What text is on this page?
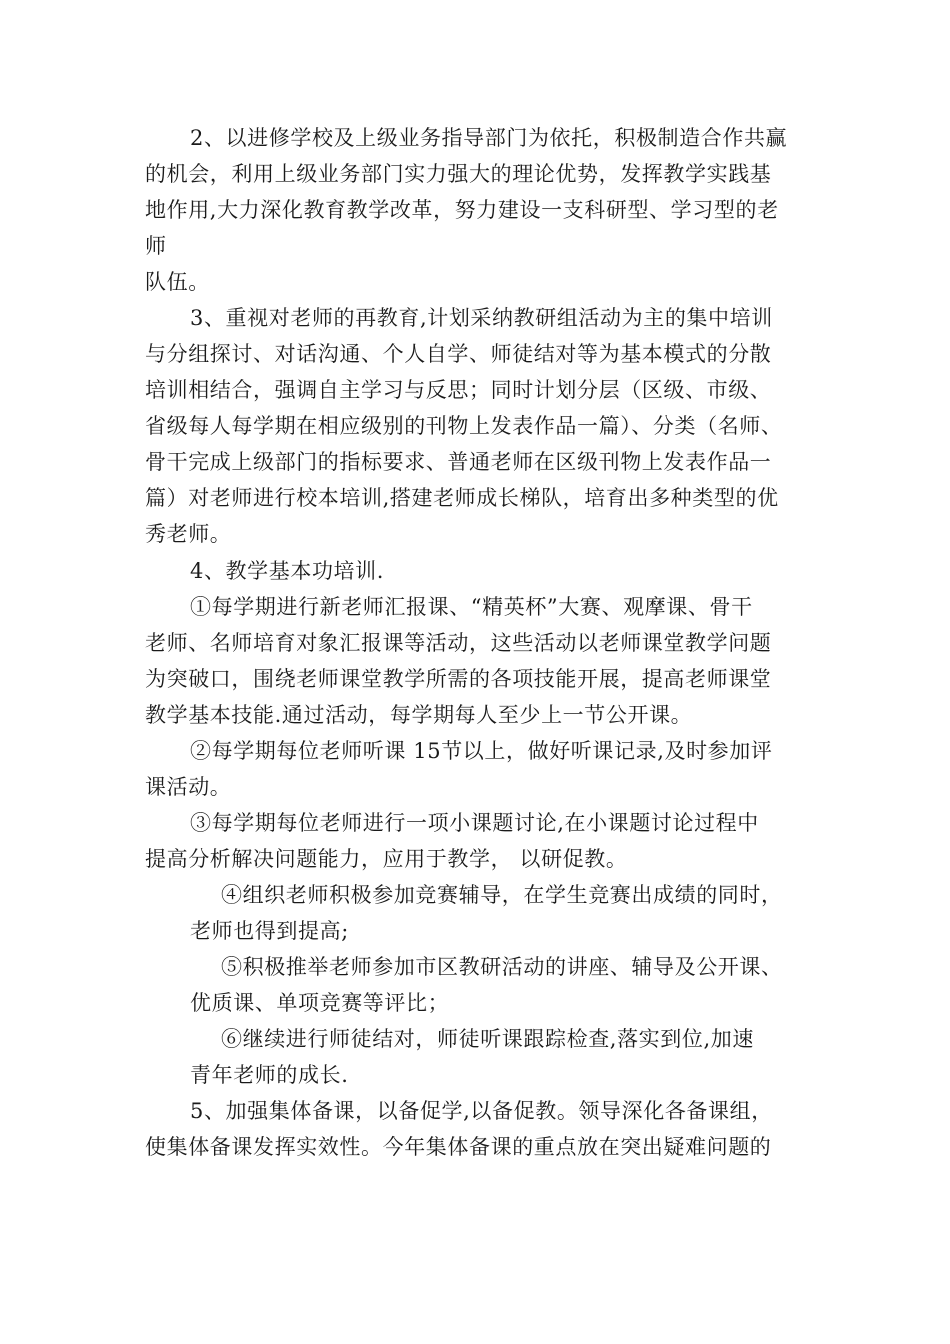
2、以进修学校及上级业务指导部门为依托，积极制造合作共赢

的机会，利用上级业务部门实力强大的理论优势，发挥教学实践基

地作用,大力深化教育教学改革，努力建设一支科研型、学习型的老

师

队伍。

3、重视对老师的再教育,计划采纳教研组活动为主的集中培训

与分组探讨、对话沟通、个人自学、师徒结对等为基本模式的分散

培训相结合，强调自主学习与反思；同时计划分层（区级、市级、

省级每人每学期在相应级别的刊物上发表作品一篇）、分类（名师、

骨干完成上级部门的指标要求、普通老师在区级刊物上发表作品一

篇）对老师进行校本培训,搭建老师成长梯队，培育出多种类型的优

秀老师。

4、教学基本功培训.

①每学期进行新老师汇报课、“精英杯”大赛、观摩课、骨干

老师、名师培育对象汇报课等活动，这些活动以老师课堂教学问题

为突破口，围绕老师课堂教学所需的各项技能开展，提高老师课堂

教学基本技能.通过活动，每学期每人至少上一节公开课。

②每学期每位老师听课 15节以上，做好听课记录,及时参加评

课活动。

③每学期每位老师进行一项小课题讨论,在小课题讨论过程中

提高分析解决问题能力，应用于教学， 以研促教。

④组织老师积极参加竞赛辅导，在学生竞赛出成绩的同时，

老师也得到提高;

⑤积极推举老师参加市区教研活动的讲座、辅导及公开课、

优质课、单项竞赛等评比；

⑥继续进行师徒结对，师徒听课跟踪检查,落实到位,加速

青年老师的成长.

5、加强集体备课，以备促学,以备促教。领导深化各备课组，

使集体备课发挥实效性。今年集体备课的重点放在突出疑难问题的
